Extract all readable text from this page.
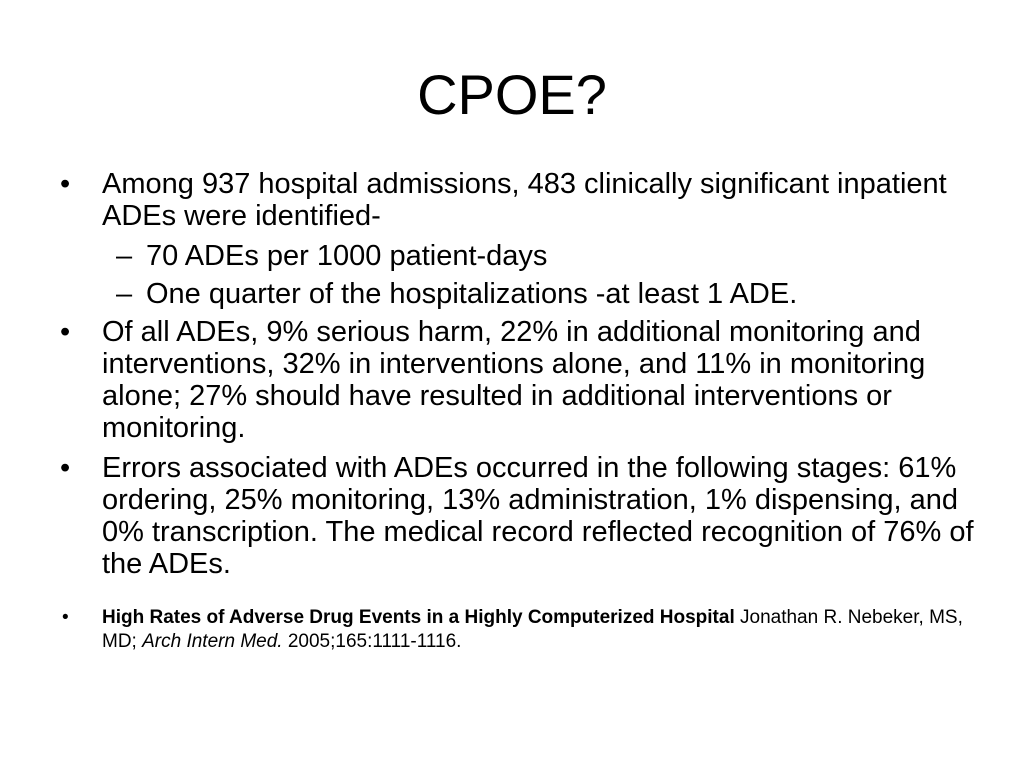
CPOE?
• Among 937 hospital admissions, 483 clinically significant inpatient ADEs were identified-
– 70 ADEs per 1000 patient-days
– One quarter of the hospitalizations -at least 1 ADE.
• Of all ADEs, 9% serious harm, 22% in additional monitoring and interventions, 32% in interventions alone, and 11% in monitoring alone; 27% should have resulted in additional interventions or monitoring.
• Errors associated with ADEs occurred in the following stages: 61% ordering, 25% monitoring, 13% administration, 1% dispensing, and 0% transcription. The medical record reflected recognition of 76% of the ADEs.
• High Rates of Adverse Drug Events in a Highly Computerized Hospital Jonathan R. Nebeker, MS, MD; Arch Intern Med. 2005;165:1111-1116.
